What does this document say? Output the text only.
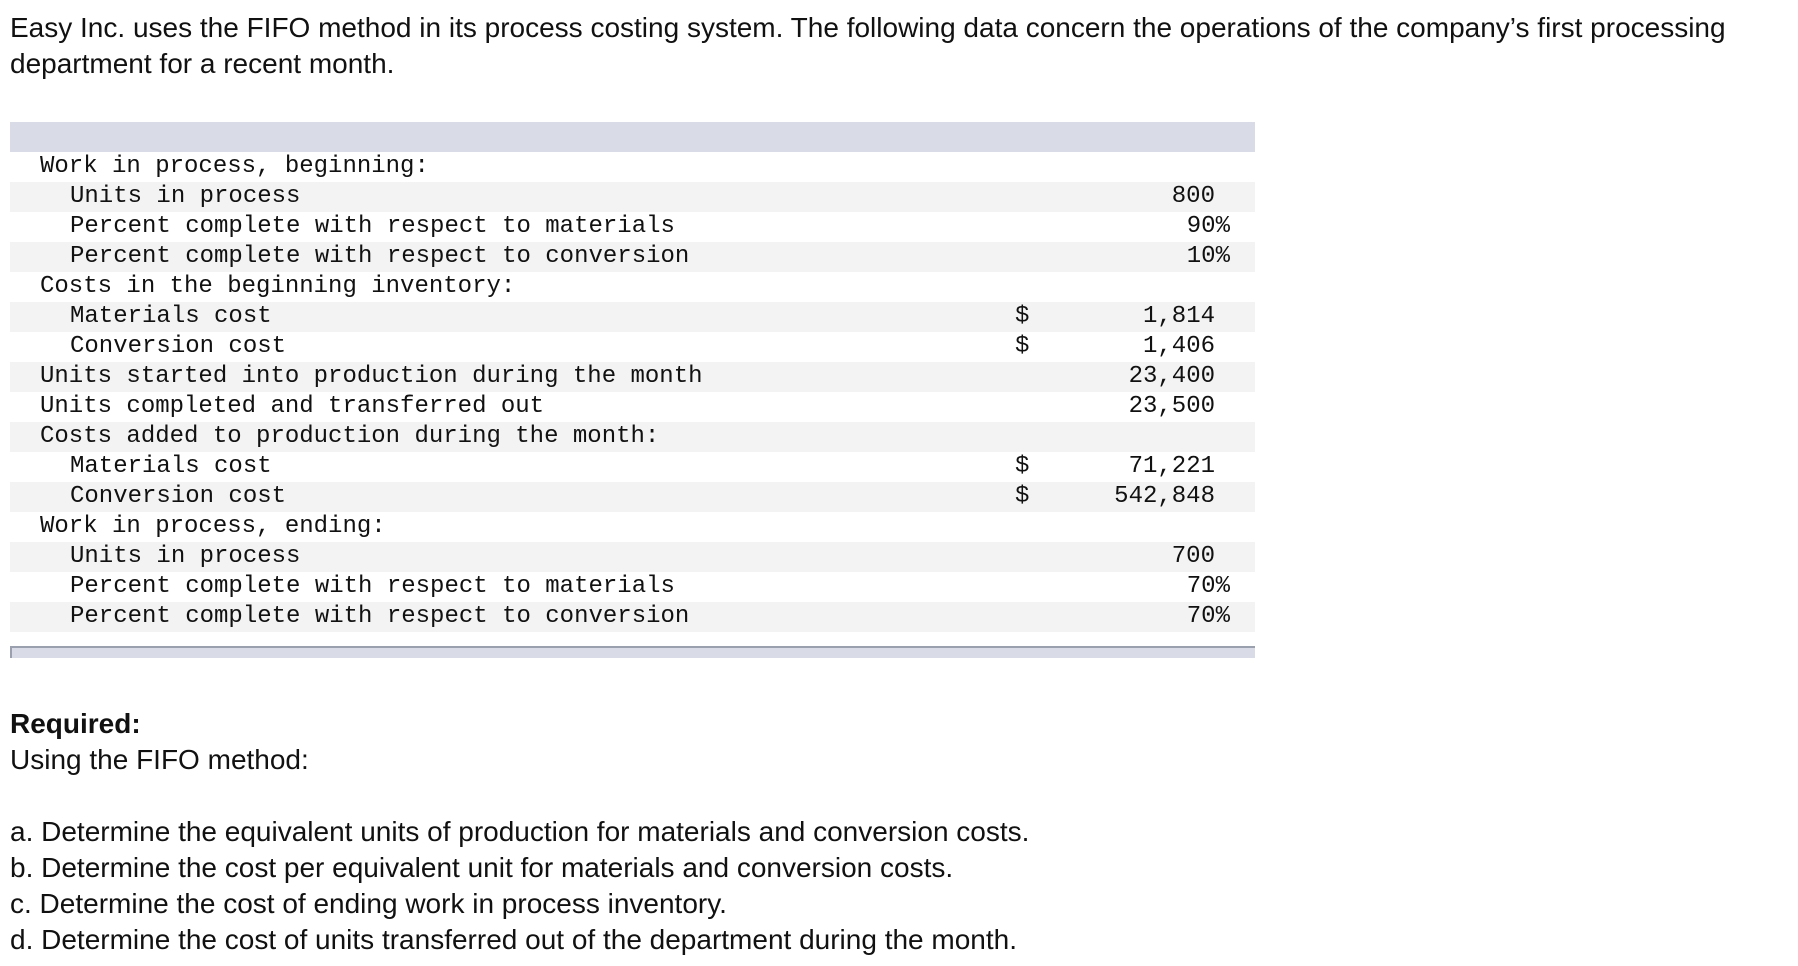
Easy Inc. uses the FIFO method in its process costing system. The following data concern the operations of the company’s first processing department for a recent month.

Work in process, beginning:		
Units in process		800
Percent complete with respect to materials		90%
Percent complete with respect to conversion		10%
Costs in the beginning inventory:		
Materials cost	$	1,814
Conversion cost	$	1,406
Units started into production during the month		23,400
Units completed and transferred out		23,500
Costs added to production during the month:		
Materials cost	$	71,221
Conversion cost	$	542,848
Work in process, ending:		
Units in process		700
Percent complete with respect to materials		70%
Percent complete with respect to conversion		70%

Required:

Using the FIFO method:

a. Determine the equivalent units of production for materials and conversion costs.
b. Determine the cost per equivalent unit for materials and conversion costs.
c. Determine the cost of ending work in process inventory.
d. Determine the cost of units transferred out of the department during the month.
